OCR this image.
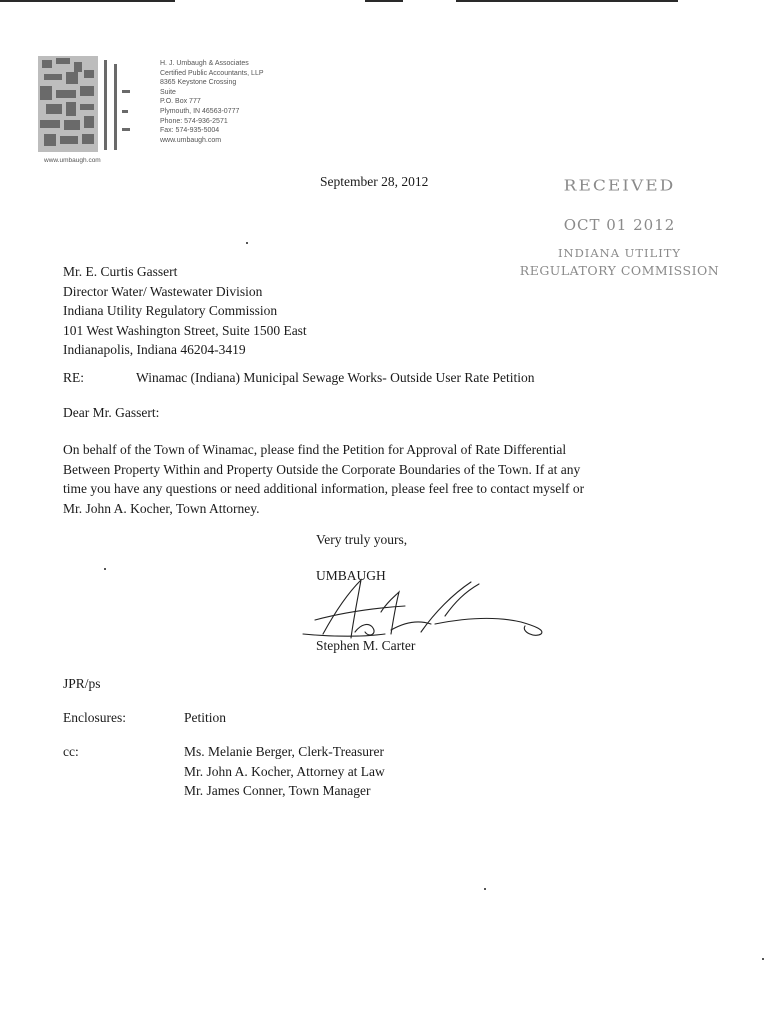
www.umbaugh.com
H. J. Umbaugh & Associates
Certified Public Accountants, LLP
8365 Keystone Crossing
Suite
P.O. Box 777
Plymouth, IN 46563-0777
Phone: 574-936-2571
Fax: 574-935-5004
www.umbaugh.com
September 28, 2012	RECEIVED
OCT 01 2012
INDIANA UTILITY
REGULATORY COMMISSION
Mr. E. Curtis Gassert
Director Water/ Wastewater Division
Indiana Utility Regulatory Commission
101 West Washington Street, Suite 1500 East
Indianapolis, Indiana 46204-3419
RE:	Winamac (Indiana) Municipal Sewage Works- Outside User Rate Petition
Dear Mr. Gassert:
On behalf of the Town of Winamac, please find the Petition for Approval of Rate Differential
Between Property Within and Property Outside the Corporate Boundaries of the Town. If at any
time you have any questions or need additional information, please feel free to contact myself or
Mr. John A. Kocher, Town Attorney.
Very truly yours,
UMBAUGH
Stephen M. Carter
JPR/ps
Enclosures:	Petition
cc:	Ms. Melanie Berger, Clerk-Treasurer
Mr. John A. Kocher, Attorney at Law
Mr. James Conner, Town Manager
